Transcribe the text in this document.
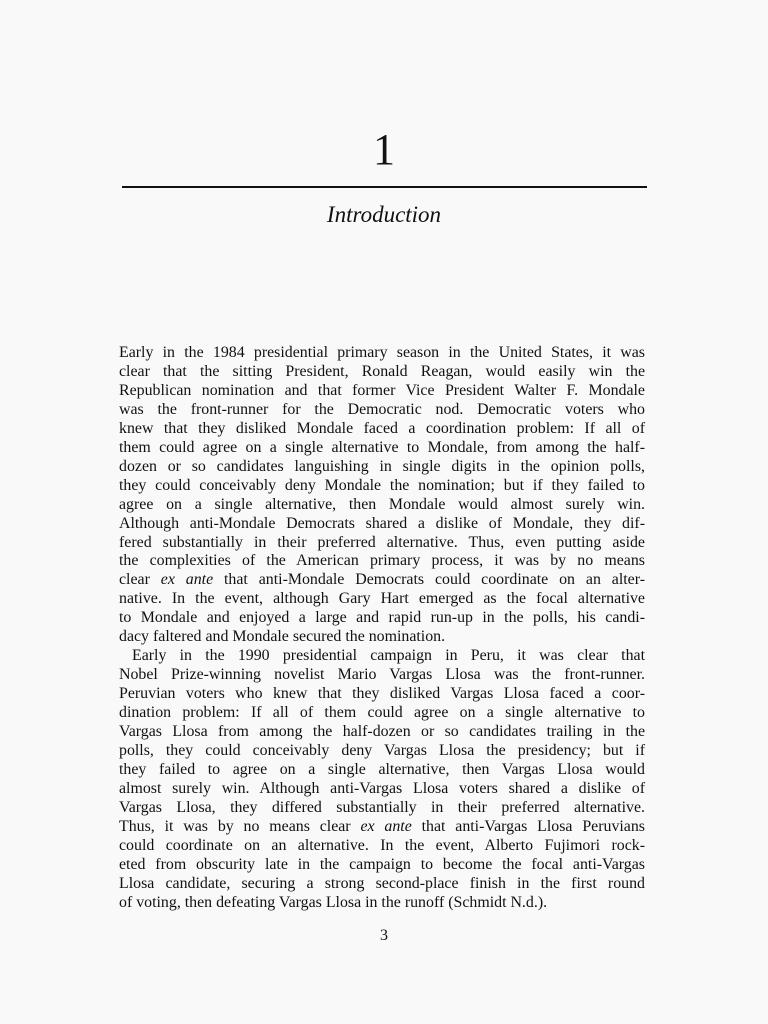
1
Introduction
Early in the 1984 presidential primary season in the United States, it was
clear that the sitting President, Ronald Reagan, would easily win the
Republican nomination and that former Vice President Walter F. Mondale
was the front-runner for the Democratic nod. Democratic voters who
knew that they disliked Mondale faced a coordination problem: If all of
them could agree on a single alternative to Mondale, from among the half-
dozen or so candidates languishing in single digits in the opinion polls,
they could conceivably deny Mondale the nomination; but if they failed to
agree on a single alternative, then Mondale would almost surely win.
Although anti-Mondale Democrats shared a dislike of Mondale, they dif-
fered substantially in their preferred alternative. Thus, even putting aside
the complexities of the American primary process, it was by no means
clear ex ante that anti-Mondale Democrats could coordinate on an alter-
native. In the event, although Gary Hart emerged as the focal alternative
to Mondale and enjoyed a large and rapid run-up in the polls, his candi-
dacy faltered and Mondale secured the nomination.
Early in the 1990 presidential campaign in Peru, it was clear that
Nobel Prize-winning novelist Mario Vargas Llosa was the front-runner.
Peruvian voters who knew that they disliked Vargas Llosa faced a coor-
dination problem: If all of them could agree on a single alternative to
Vargas Llosa from among the half-dozen or so candidates trailing in the
polls, they could conceivably deny Vargas Llosa the presidency; but if
they failed to agree on a single alternative, then Vargas Llosa would
almost surely win. Although anti-Vargas Llosa voters shared a dislike of
Vargas Llosa, they differed substantially in their preferred alternative.
Thus, it was by no means clear ex ante that anti-Vargas Llosa Peruvians
could coordinate on an alternative. In the event, Alberto Fujimori rock-
eted from obscurity late in the campaign to become the focal anti-Vargas
Llosa candidate, securing a strong second-place finish in the first round
of voting, then defeating Vargas Llosa in the runoff (Schmidt N.d.).
3
